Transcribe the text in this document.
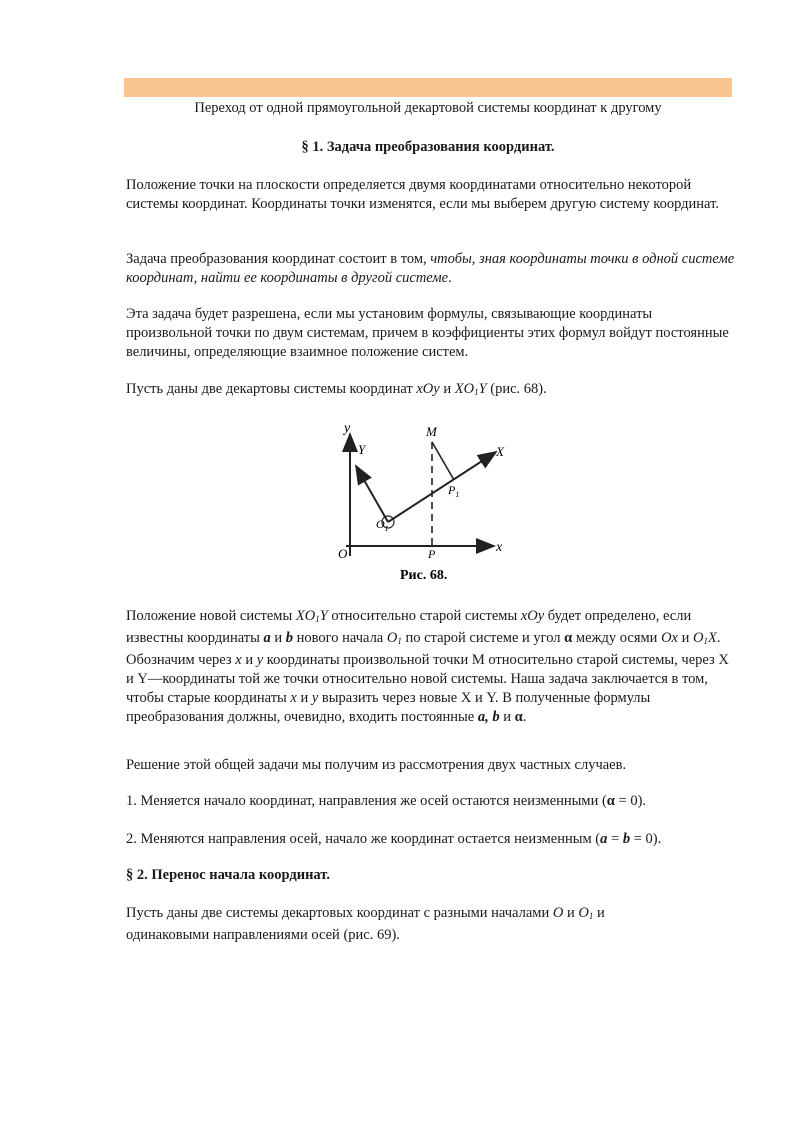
Переход от одной прямоугольной декартовой системы координат к другому
§ 1. Задача преобразования координат.

Положение точки на плоскости определяется двумя координатами относительно некоторой системы координат. Координаты точки изменятся, если мы выберем другую систему координат.

Задача преобразования координат состоит в том, чтобы, зная координаты точки в одной системе координат, найти ее координаты в другой системе.

Эта задача будет разрешена, если мы установим формулы, связывающие координаты произвольной точки по двум системам, причем в коэффициенты этих формул войдут постоянные величины, определяющие взаимное положение систем.

Пусть даны две декартовы системы координат xOy и $XO_1Y$ (рис. 68).

y
Y
M
X
$P_1$
$O_1$
O	P	x
Рис. 68.

Положение новой системы $XO_1Y$ относительно старой системы xOy будет определено, если известны координаты a и b нового начала $O_1$ по старой системе и угол α между осями Ox и $O_1X$. Обозначим через x и y координаты произвольной точки М относительно старой системы, через X и Y—координаты той же точки относительно новой системы. Наша задача заключается в том, чтобы старые координаты x и y выразить через новые X и Y. В полученные формулы преобразования должны, очевидно, входить постоянные a, b и α.

Решение этой общей задачи мы получим из рассмотрения двух частных случаев.

1. Меняется начало координат, направления же осей остаются неизменными (α = 0).
2. Меняются направления осей, начало же координат остается неизменным (a = b = 0).
§ 2. Перенос начала координат.

Пусть даны две системы декартовых координат с разными началами O и $O_1$ и
одинаковыми направлениями осей (рис. 69).
